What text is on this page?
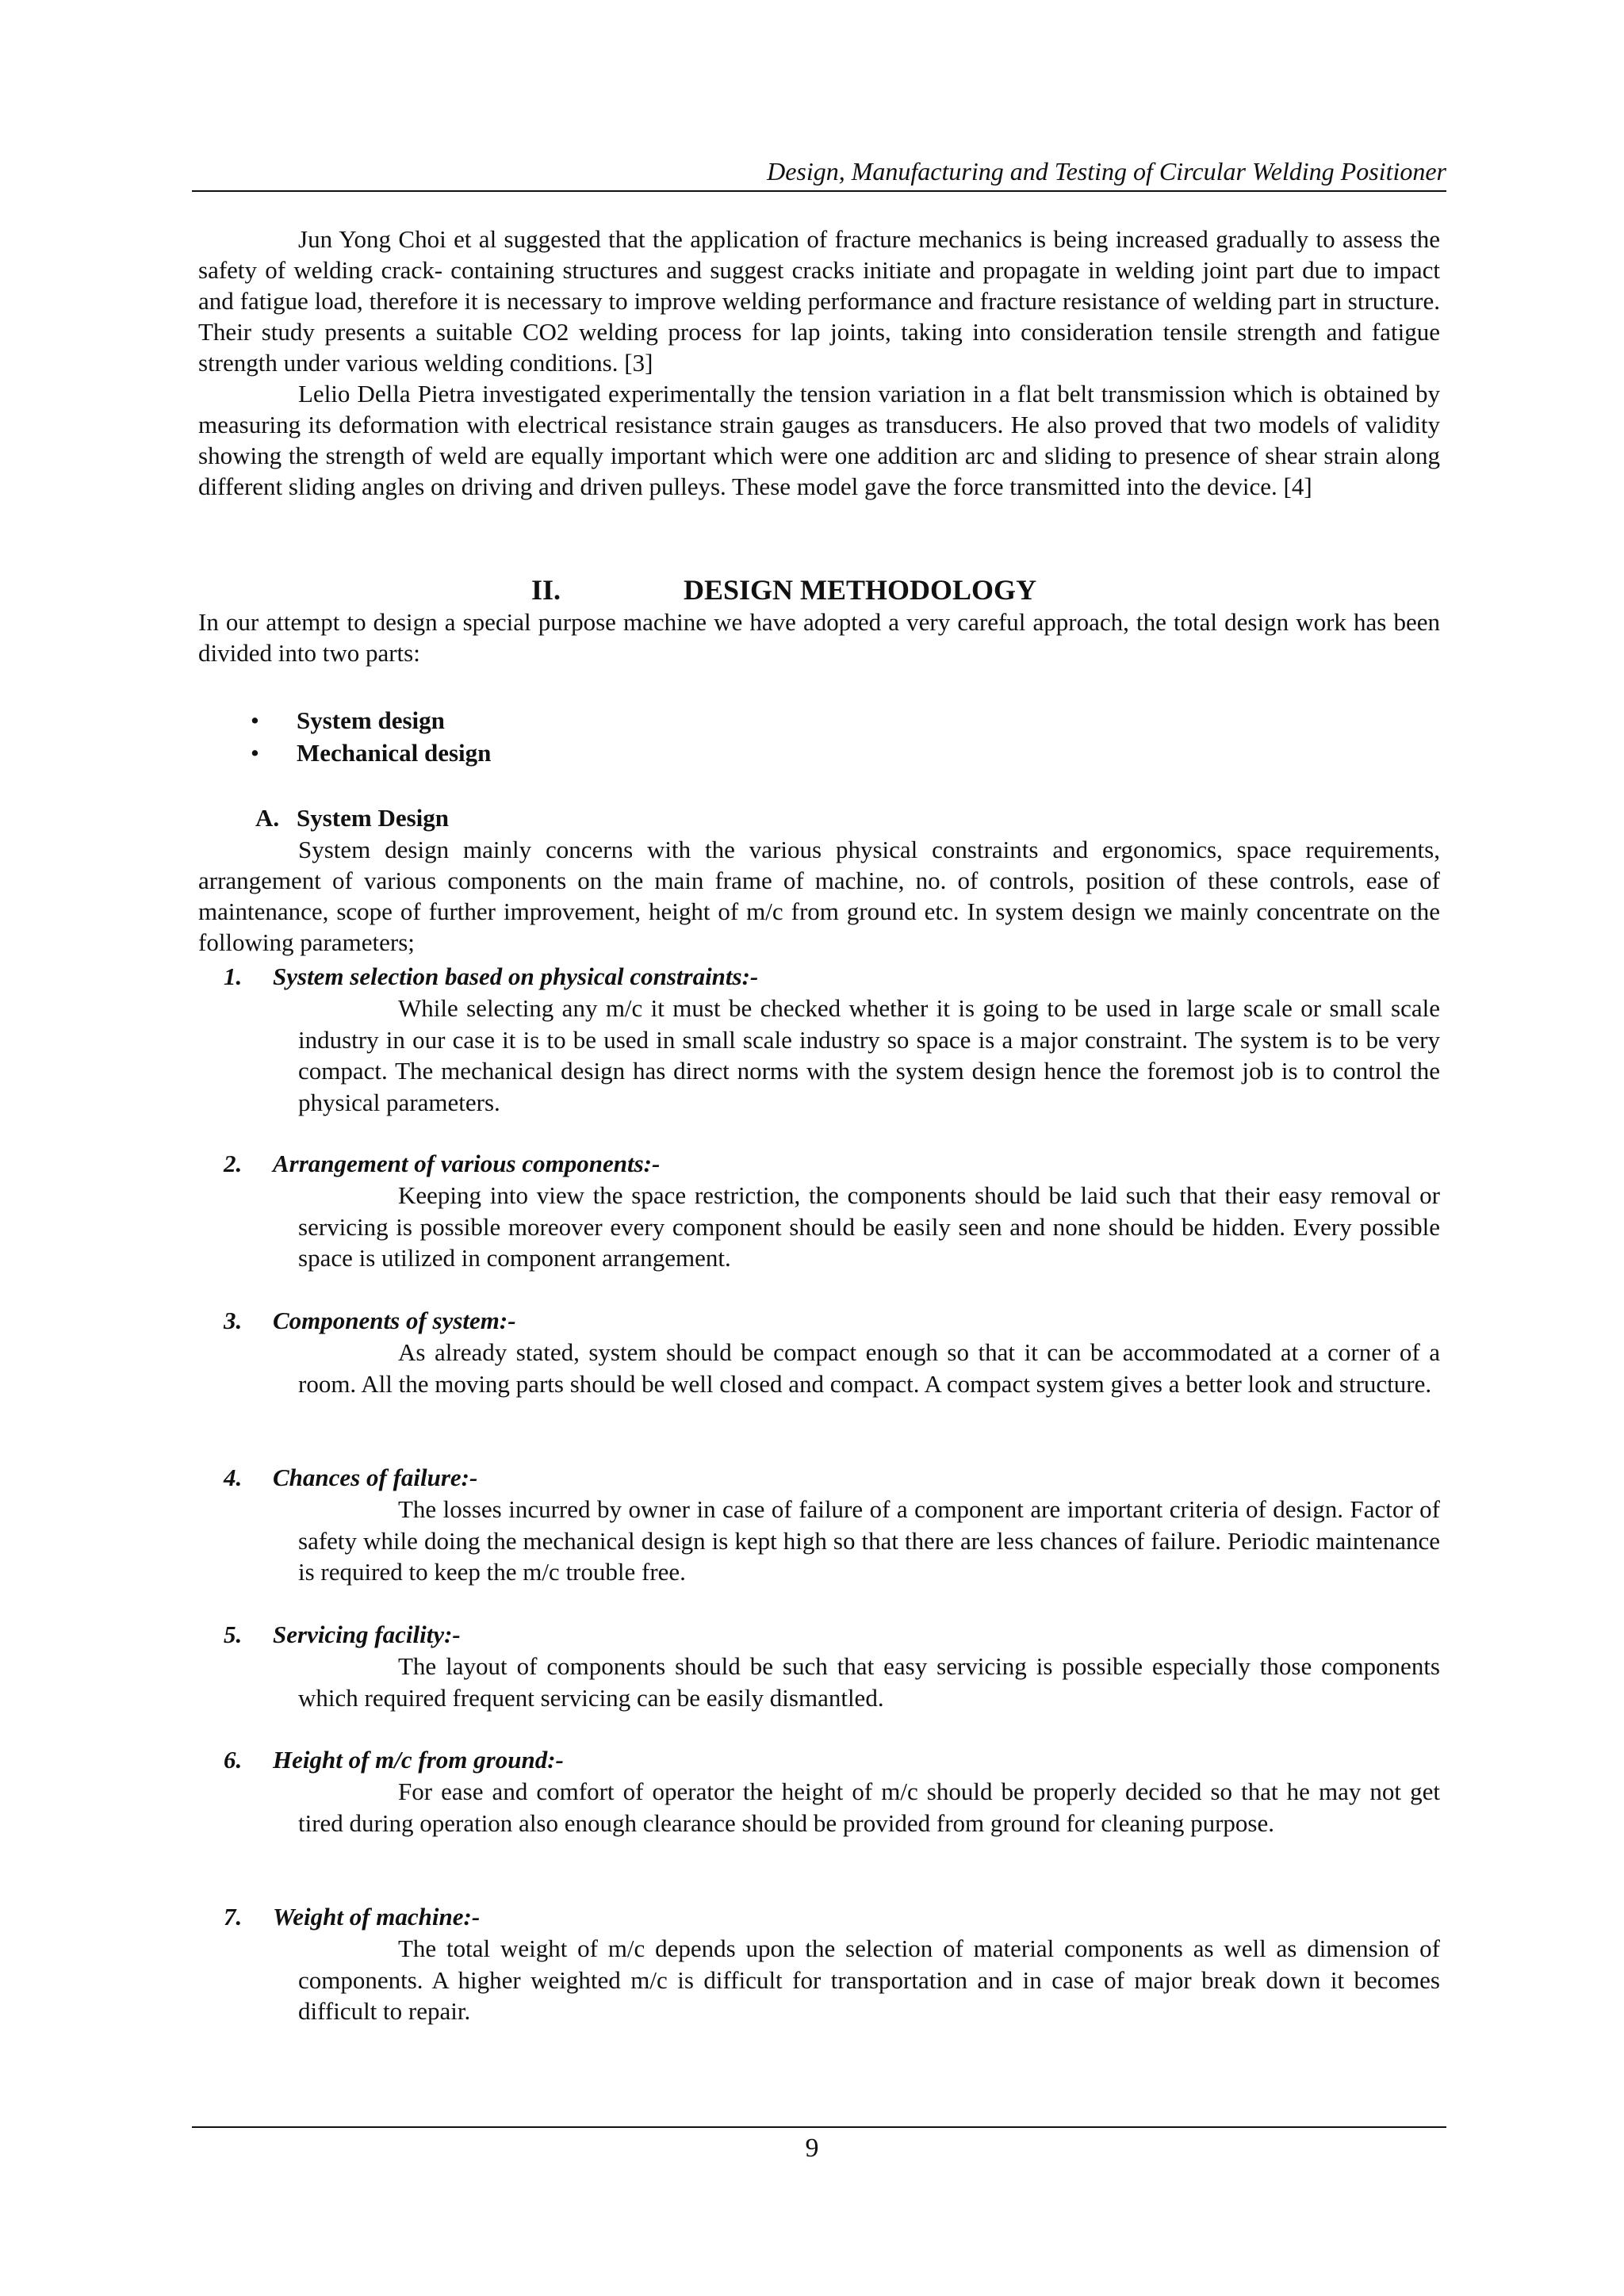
Design, Manufacturing and Testing of Circular Welding Positioner

Jun Yong Choi et al suggested that the application of fracture mechanics is being increased gradually to assess the safety of welding crack- containing structures and suggest cracks initiate and propagate in welding joint part due to impact and fatigue load, therefore it is necessary to improve welding performance and fracture resistance of welding part in structure. Their study presents a suitable CO2 welding process for lap joints, taking into consideration tensile strength and fatigue strength under various welding conditions. [3]

Lelio Della Pietra investigated experimentally the tension variation in a flat belt transmission which is obtained by measuring its deformation with electrical resistance strain gauges as transducers. He also proved that two models of validity showing the strength of weld are equally important which were one addition arc and sliding to presence of shear strain along different sliding angles on driving and driven pulleys. These model gave the force transmitted into the device. [4]

II.	DESIGN METHODOLOGY

In our attempt to design a special purpose machine we have adopted a very careful approach, the total design work has been divided into two parts:

• System design
• Mechanical design
A. System Design

System design mainly concerns with the various physical constraints and ergonomics, space requirements, arrangement of various components on the main frame of machine, no. of controls, position of these controls, ease of maintenance, scope of further improvement, height of m/c from ground etc. In system design we mainly concentrate on the following parameters;

1. System selection based on physical constraints:-

While selecting any m/c it must be checked whether it is going to be used in large scale or small scale industry in our case it is to be used in small scale industry so space is a major constraint. The system is to be very compact. The mechanical design has direct norms with the system design hence the foremost job is to control the physical parameters.

2. Arrangement of various components:-

Keeping into view the space restriction, the components should be laid such that their easy removal or servicing is possible moreover every component should be easily seen and none should be hidden. Every possible space is utilized in component arrangement.

3. Components of system:-

As already stated, system should be compact enough so that it can be accommodated at a corner of a room. All the moving parts should be well closed and compact. A compact system gives a better look and structure.

4. Chances of failure:-

The losses incurred by owner in case of failure of a component are important criteria of design. Factor of safety while doing the mechanical design is kept high so that there are less chances of failure. Periodic maintenance is required to keep the m/c trouble free.

5. Servicing facility:-

The layout of components should be such that easy servicing is possible especially those components which required frequent servicing can be easily dismantled.

6. Height of m/c from ground:-

For ease and comfort of operator the height of m/c should be properly decided so that he may not get tired during operation also enough clearance should be provided from ground for cleaning purpose.

7. Weight of machine:-

The total weight of m/c depends upon the selection of material components as well as dimension of components. A higher weighted m/c is difficult for transportation and in case of major break down it becomes difficult to repair.

9
